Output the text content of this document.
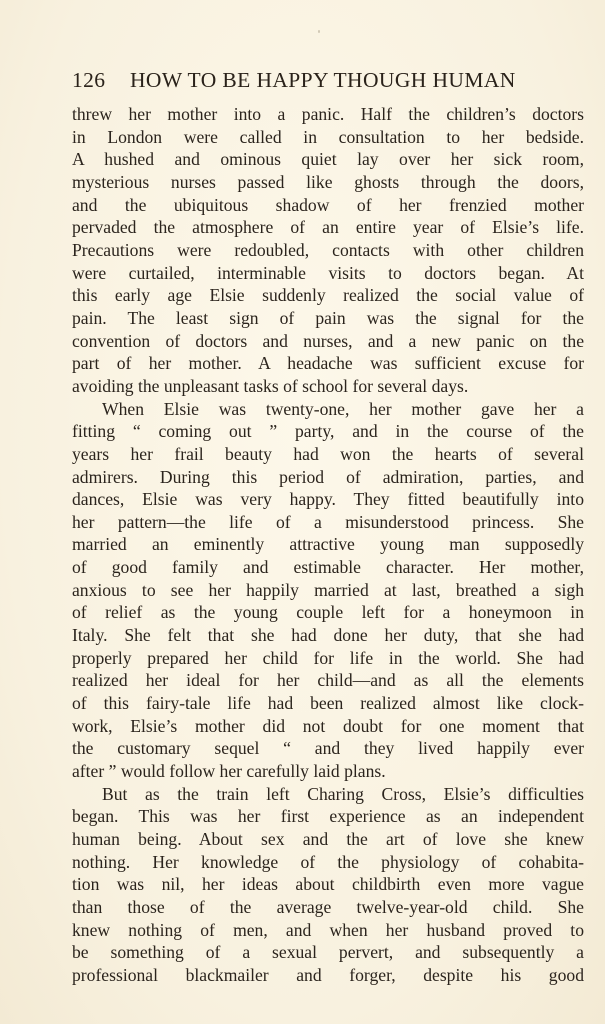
126 HOW TO BE HAPPY THOUGH HUMAN
threw her mother into a panic. Half the children’s doctors
in London were called in consultation to her bedside.
A hushed and ominous quiet lay over her sick room,
mysterious nurses passed like ghosts through the doors,
and the ubiquitous shadow of her frenzied mother
pervaded the atmosphere of an entire year of Elsie’s life.
Precautions were redoubled, contacts with other children
were curtailed, interminable visits to doctors began. At
this early age Elsie suddenly realized the social value of
pain. The least sign of pain was the signal for the
convention of doctors and nurses, and a new panic on the
part of her mother. A headache was sufficient excuse for
avoiding the unpleasant tasks of school for several days.
When Elsie was twenty-one, her mother gave her a
fitting “ coming out ” party, and in the course of the
years her frail beauty had won the hearts of several
admirers. During this period of admiration, parties, and
dances, Elsie was very happy. They fitted beautifully into
her pattern—the life of a misunderstood princess. She
married an eminently attractive young man supposedly
of good family and estimable character. Her mother,
anxious to see her happily married at last, breathed a sigh
of relief as the young couple left for a honeymoon in
Italy. She felt that she had done her duty, that she had
properly prepared her child for life in the world. She had
realized her ideal for her child—and as all the elements
of this fairy-tale life had been realized almost like clock-
work, Elsie’s mother did not doubt for one moment that
the customary sequel “ and they lived happily ever
after ” would follow her carefully laid plans.
But as the train left Charing Cross, Elsie’s difficulties
began. This was her first experience as an independent
human being. About sex and the art of love she knew
nothing. Her knowledge of the physiology of cohabita-
tion was nil, her ideas about childbirth even more vague
than those of the average twelve-year-old child. She
knew nothing of men, and when her husband proved to
be something of a sexual pervert, and subsequently a
professional blackmailer and forger, despite his good
